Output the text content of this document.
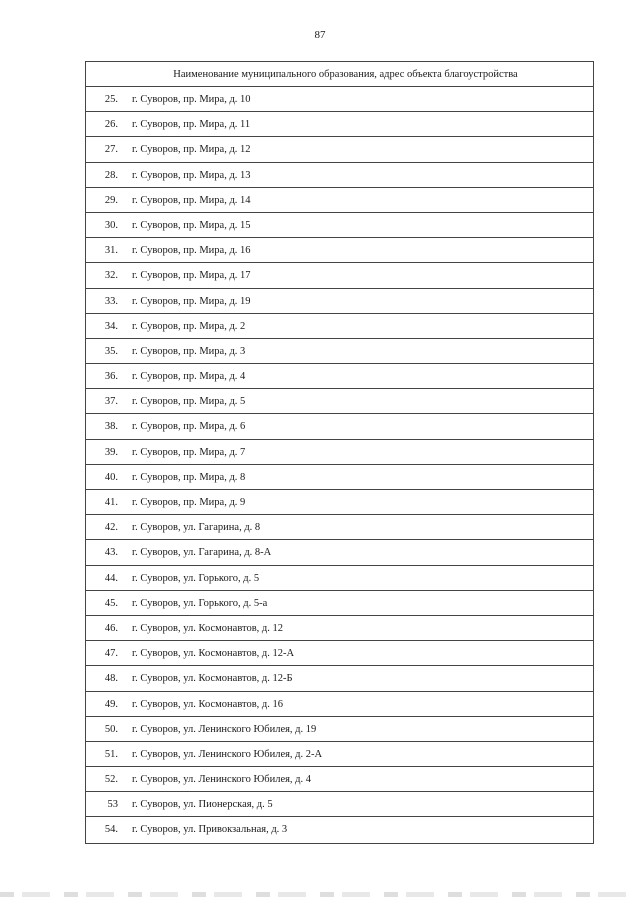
87
Наименование муниципального образования, адрес объекта благоустройства
25. г. Суворов, пр. Мира, д. 10
26. г. Суворов, пр. Мира, д. 11
27. г. Суворов, пр. Мира, д. 12
28. г. Суворов, пр. Мира, д. 13
29. г. Суворов, пр. Мира, д. 14
30. г. Суворов, пр. Мира, д. 15
31. г. Суворов, пр. Мира, д. 16
32. г. Суворов, пр. Мира, д. 17
33. г. Суворов, пр. Мира, д. 19
34. г. Суворов, пр. Мира, д. 2
35. г. Суворов, пр. Мира, д. 3
36. г. Суворов, пр. Мира, д. 4
37. г. Суворов, пр. Мира, д. 5
38. г. Суворов, пр. Мира, д. 6
39. г. Суворов, пр. Мира, д. 7
40. г. Суворов, пр. Мира, д. 8
41. г. Суворов, пр. Мира, д. 9
42. г. Суворов, ул. Гагарина, д. 8
43. г. Суворов, ул. Гагарина, д. 8-А
44. г. Суворов, ул. Горького, д. 5
45. г. Суворов, ул. Горького, д. 5-а
46. г. Суворов, ул. Космонавтов, д. 12
47. г. Суворов, ул. Космонавтов, д. 12-А
48. г. Суворов, ул. Космонавтов, д. 12-Б
49. г. Суворов, ул. Космонавтов, д. 16
50. г. Суворов, ул. Ленинского Юбилея, д. 19
51. г. Суворов, ул. Ленинского Юбилея, д. 2-А
52. г. Суворов, ул. Ленинского Юбилея, д. 4
53 г. Суворов, ул. Пионерская, д. 5
54. г. Суворов, ул. Привокзальная, д. 3
